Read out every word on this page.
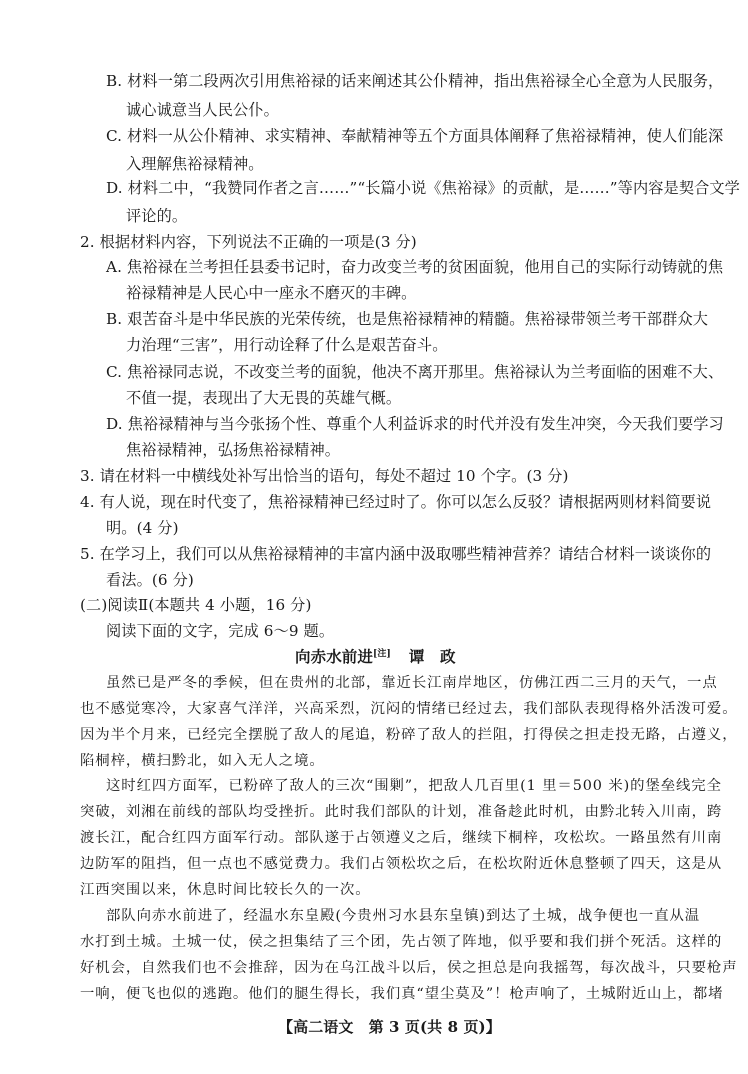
B. 材料一第二段两次引用焦裕禄的话来阐述其公仆精神，指出焦裕禄全心全意为人民服务，
诚心诚意当人民公仆。
C. 材料一从公仆精神、求实精神、奉献精神等五个方面具体阐释了焦裕禄精神，使人们能深
入理解焦裕禄精神。
D. 材料二中，“我赞同作者之言……”“长篇小说《焦裕禄》的贡献，是……”等内容是契合文学
评论的。
2. 根据材料内容，下列说法不正确的一项是(3 分)
A. 焦裕禄在兰考担任县委书记时，奋力改变兰考的贫困面貌，他用自己的实际行动铸就的焦
裕禄精神是人民心中一座永不磨灭的丰碑。
B. 艰苦奋斗是中华民族的光荣传统，也是焦裕禄精神的精髓。焦裕禄带领兰考干部群众大
力治理“三害”，用行动诠释了什么是艰苦奋斗。
C. 焦裕禄同志说，不改变兰考的面貌，他决不离开那里。焦裕禄认为兰考面临的困难不大、
不值一提，表现出了大无畏的英雄气概。
D. 焦裕禄精神与当今张扬个性、尊重个人利益诉求的时代并没有发生冲突，今天我们要学习
焦裕禄精神，弘扬焦裕禄精神。
3. 请在材料一中横线处补写出恰当的语句，每处不超过 10 个字。(3 分)
4. 有人说，现在时代变了，焦裕禄精神已经过时了。你可以怎么反驳？请根据两则材料简要说
明。(4 分)
5. 在学习上，我们可以从焦裕禄精神的丰富内涵中汲取哪些精神营养？请结合材料一谈谈你的
看法。(6 分)
(二)阅读Ⅱ(本题共 4 小题，16 分)
阅读下面的文字，完成 6～9 题。
向赤水前进[注] 谭　政
虽然已是严冬的季候，但在贵州的北部，靠近长江南岸地区，仿佛江西二三月的天气，一点
也不感觉寒冷，大家喜气洋洋，兴高采烈，沉闷的情绪已经过去，我们部队表现得格外活泼可爱。
因为半个月来，已经完全摆脱了敌人的尾追，粉碎了敌人的拦阻，打得侯之担走投无路，占遵义，
陷桐梓，横扫黔北，如入无人之境。
这时红四方面军，已粉碎了敌人的三次“围剿”，把敌人几百里(1 里＝500 米)的堡垒线完全
突破，刘湘在前线的部队均受挫折。此时我们部队的计划，准备趁此时机，由黔北转入川南，跨
渡长江，配合红四方面军行动。部队遂于占领遵义之后，继续下桐梓，攻松坎。一路虽然有川南
边防军的阻挡，但一点也不感觉费力。我们占领松坎之后，在松坎附近休息整顿了四天，这是从
江西突围以来，休息时间比较长久的一次。
部队向赤水前进了，经温水东皇殿(今贵州习水县东皇镇)到达了土城，战争便也一直从温
水打到土城。土城一仗，侯之担集结了三个团，先占领了阵地，似乎要和我们拼个死活。这样的
好机会，自然我们也不会推辞，因为在乌江战斗以后，侯之担总是向我摇驾，每次战斗，只要枪声
一响，便飞也似的逃跑。他们的腿生得长，我们真“望尘莫及”！枪声响了，土城附近山上，都堵
【高二语文　第 3 页(共 8 页)】
